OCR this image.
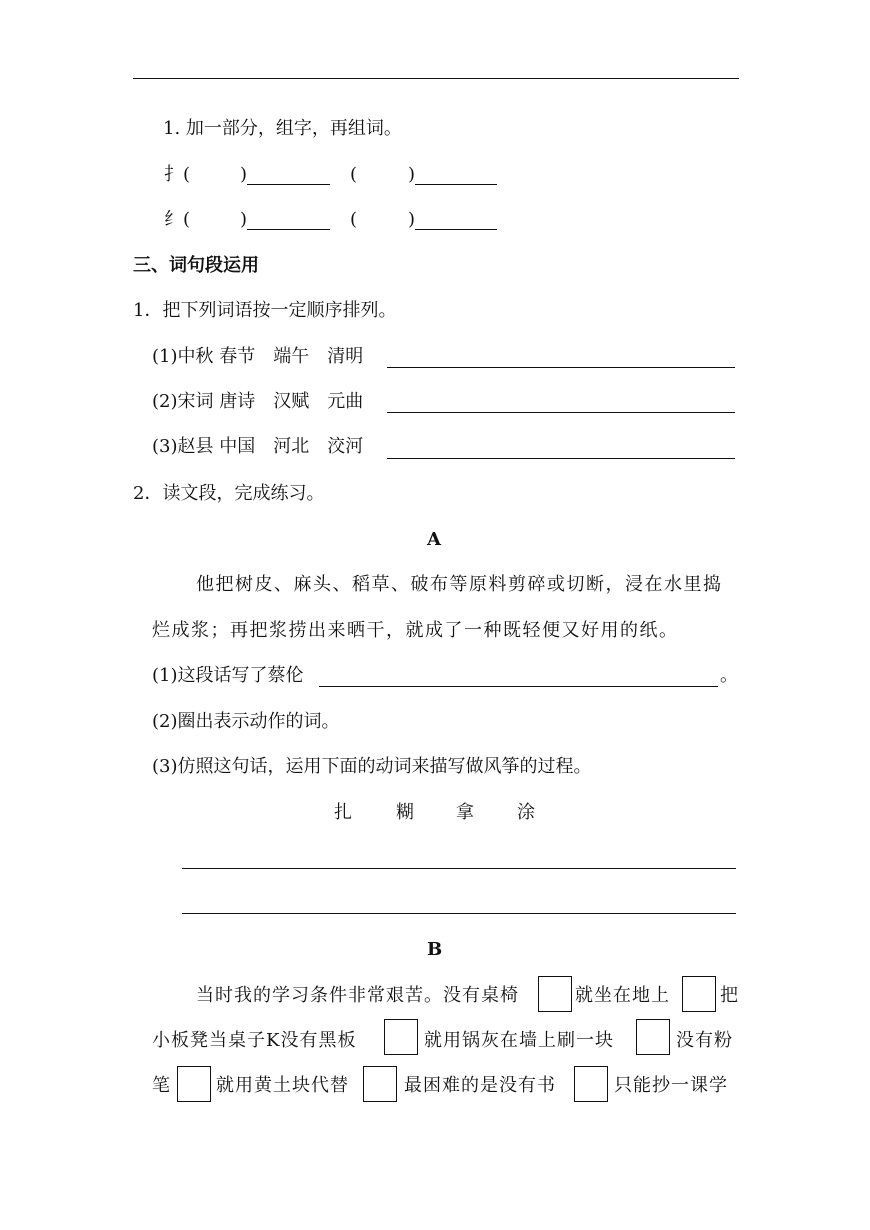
1. 加一部分，组字，再组词。
扌 (	)	(	)
纟 (	)	(	)
三、词句段运用
1．把下列词语按一定顺序排列。
(1)中秋 春节　端午　清明
(2)宋词 唐诗　汉赋　元曲
(3)赵县 中国　河北　洨河
2．读文段，完成练习。
A
他把树皮、麻头、稻草、破布等原料剪碎或切断，浸在水里捣
烂成浆；再把浆捞出来晒干，就成了一种既轻便又好用的纸。
(1)这段话写了蔡伦	。
(2)圈出表示动作的词。
(3)仿照这句话，运用下面的动词来描写做风筝的过程。
扎 糊 拿 涂
B
当时我的学习条件非常艰苦。没有桌椅	就坐在地上	把
小板凳当桌子K没有黑板	就用锅灰在墙上刷一块	没有粉
笔	就用黄土块代替	最困难的是没有书	只能抄一课学
